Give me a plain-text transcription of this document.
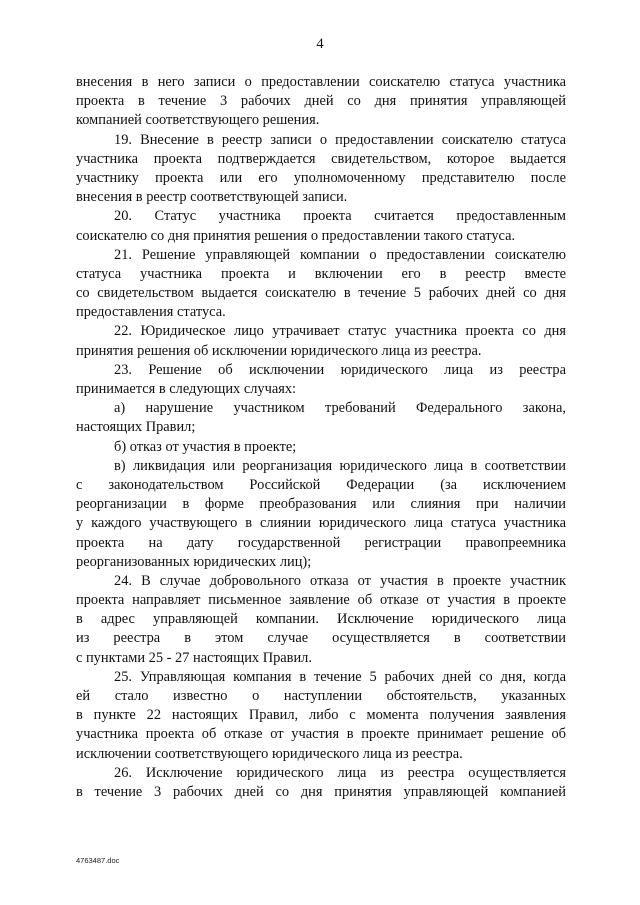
4
внесения в него записи о предоставлении соискателю статуса участника
проекта в течение 3 рабочих дней со дня принятия управляющей
компанией соответствующего решения.
19. Внесение в реестр записи о предоставлении соискателю статуса
участника проекта подтверждается свидетельством, которое выдается
участнику проекта или его уполномоченному представителю после
внесения в реестр соответствующей записи.
20. Статус участника проекта считается предоставленным
соискателю со дня принятия решения о предоставлении такого статуса.
21. Решение управляющей компании о предоставлении соискателю
статуса участника проекта и включении его в реестр вместе
со свидетельством выдается соискателю в течение 5 рабочих дней со дня
предоставления статуса.
22. Юридическое лицо утрачивает статус участника проекта со дня
принятия решения об исключении юридического лица из реестра.
23. Решение об исключении юридического лица из реестра
принимается в следующих случаях:
а) нарушение участником требований Федерального закона,
настоящих Правил;
б) отказ от участия в проекте;
в) ликвидация или реорганизация юридического лица в соответствии
с законодательством Российской Федерации (за исключением
реорганизации в форме преобразования или слияния при наличии
у каждого участвующего в слиянии юридического лица статуса участника
проекта на дату государственной регистрации правопреемника
реорганизованных юридических лиц);
24. В случае добровольного отказа от участия в проекте участник
проекта направляет письменное заявление об отказе от участия в проекте
в адрес управляющей компании. Исключение юридического лица
из реестра в этом случае осуществляется в соответствии
с пунктами 25 - 27 настоящих Правил.
25. Управляющая компания в течение 5 рабочих дней со дня, когда
ей стало известно о наступлении обстоятельств, указанных
в пункте 22 настоящих Правил, либо с момента получения заявления
участника проекта об отказе от участия в проекте принимает решение об
исключении соответствующего юридического лица из реестра.
26. Исключение юридического лица из реестра осуществляется
в течение 3 рабочих дней со дня принятия управляющей компанией
4763487.doc
